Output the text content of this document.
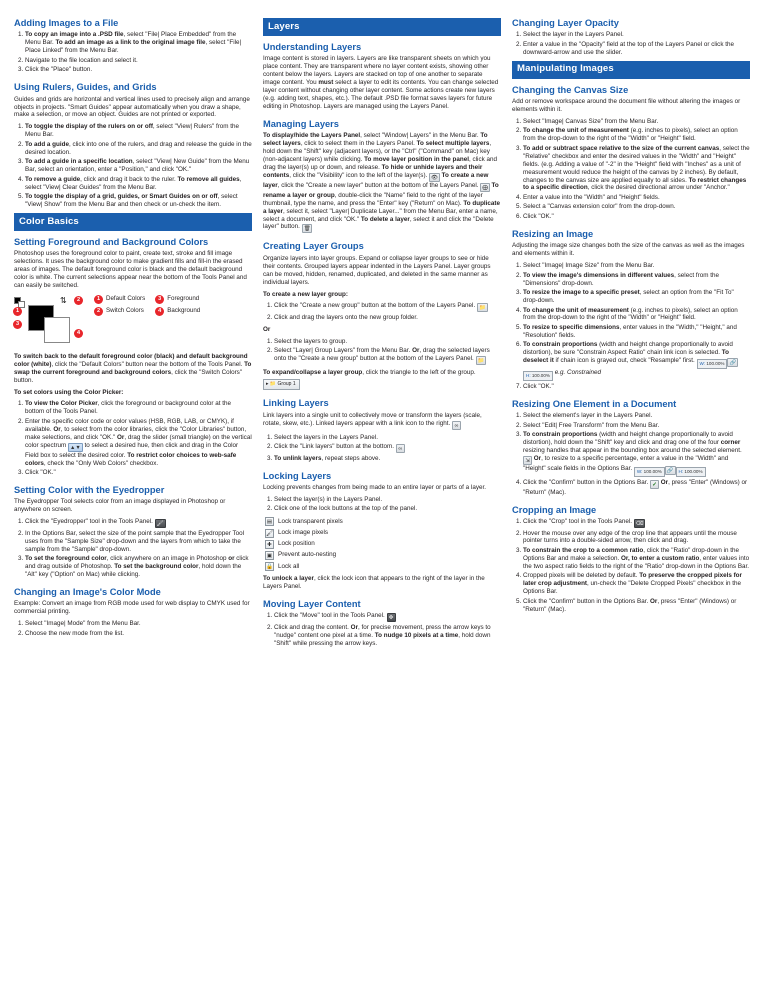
Adding Images to a File
1. To copy an image into a .PSD file, select "File| Place Embedded" from the Menu Bar. To add an image as a link to the original image file, select "File| Place Linked" from the Menu Bar.
2. Navigate to the file location and select it.
3. Click the "Place" button.
Using Rulers, Guides, and Grids

Guides and grids are horizontal and vertical lines used to precisely align and arrange objects in projects. "Smart Guides" appear automatically when you draw a shape, make a selection, or move an object. Guides are not printed or exported.

1. To toggle the display of the rulers on or off, select "View| Rulers" from the Menu Bar.
2. To add a guide, click into one of the rulers, and drag and release the guide in the desired location.
3. To add a guide in a specific location, select "View| New Guide" from the Menu Bar, select an orientation, enter a "Position," and click "OK."
4. To remove a guide, click and drag it back to the ruler. To remove all guides, select "View| Clear Guides" from the Menu Bar.
5. To toggle the display of a grid, guides, or Smart Guides on or off, select "View| Show" from the Menu Bar and then check or un-check the item.
Color Basics
Setting Foreground and Background Colors

Photoshop uses the foreground color to paint, create text, stroke and fill image selections. It uses the background color to make gradient fills and fill-in the erased areas of images. The default foreground color is black and the default background color is white. The current selections appear near the bottom of the Tools Panel and can easily be switched.

⇅
1
3
2
4
1 Default Colors
2 Switch Colors
3 Foreground
4 Background

To switch back to the default foreground color (black) and default background color (white), click the "Default Colors" button near the bottom of the Tools Panel. To swap the current foreground and background colors, click the "Switch Colors" button.

To set colors using the Color Picker:

1. To view the Color Picker, click the foreground or background color at the bottom of the Tools Panel.
2. Enter the specific color code or color values (HSB, RGB, LAB, or CMYK), if available. Or, to select from the color libraries, click the "Color Libraries" button, make selections, and click "OK." Or, drag the slider (small triangle) on the vertical color spectrum ▲▼ to select a desired hue, then click and drag in the Color Field box to select the desired color. To restrict color choices to web-safe colors, check the "Only Web Colors" checkbox.
3. Click "OK."
Setting Color with the Eyedropper

The Eyedropper Tool selects color from an image displayed in Photoshop or anywhere on screen.

1. Click the "Eyedropper" tool in the Tools Panel. 🖌
2. In the Options Bar, select the size of the point sample that the Eyedropper Tool uses from the "Sample Size" drop-down and the layers from which to take the sample from the "Sample" drop-down.
3. To set the foreground color, click anywhere on an image in Photoshop or click and drag outside of Photoshop. To set the background color, hold down the "Alt" key ("Option" on Mac) while clicking.
Changing an Image's Color Mode

Example: Convert an image from RGB mode used for web display to CMYK used for commercial printing.

1. Select "Image| Mode" from the Menu Bar.
2. Choose the new mode from the list.
Layers
Understanding Layers

Image content is stored in layers. Layers are like transparent sheets on which you place content. They are transparent where no layer content exists, showing other content below the layers. Layers are stacked on top of one another to separate image content. You must select a layer to edit its contents. You can change selected layer content without changing other layer content. Some actions create new layers (e.g. adding text, shapes, etc.). The default .PSD file format saves layers for future editing in Photoshop. Layers are managed using the Layers Panel.

Managing Layers

To display/hide the Layers Panel, select "Window| Layers" in the Menu Bar. To select layers, click to select them in the Layers Panel. To select multiple layers, hold down the "Shift" key (adjacent layers), or the "Ctrl" ("Command" on Mac) key (non-adjacent layers) while clicking. To move layer position in the panel, click and drag the layer(s) up or down, and release. To hide or unhide layers and their contents, click the "Visibility" icon to the left of the layer(s). 👁 To create a new layer, click the "Create a new layer" button at the bottom of the Layers Panel. ⨁ To rename a layer or group, double-click the "Name" field to the right of the layer thumbnail, type the name, and press the "Enter" key ("Return" on Mac). To duplicate a layer, select it, select "Layer| Duplicate Layer..." from the Menu Bar, enter a name, select a document, and click "OK." To delete a layer, select it and click the "Delete layer" button. 🗑

Creating Layer Groups

Organize layers into layer groups. Expand or collapse layer groups to see or hide their contents. Grouped layers appear indented in the Layers Panel. Layer groups can be moved, hidden, renamed, duplicated, and deleted in the same manner as individual layers.

To create a new layer group:

1. Click the "Create a new group" button at the bottom of the Layers Panel. 📁
2. Click and drag the layers onto the new group folder.

Or

1. Select the layers to group.
2. Select "Layer| Group Layers" from the Menu Bar. Or, drag the selected layers onto the "Create a new group" button at the bottom of the Layers Panel. 📁

To expand/collapse a layer group, click the triangle to the left of the group. ▸ 📁 Group 1

Linking Layers

Link layers into a single unit to collectively move or transform the layers (scale, rotate, skew, etc.). Linked layers appear with a link icon to the right. ∞

1. Select the layers in the Layers Panel.
2. Click the "Link layers" button at the bottom. ∞
3. To unlink layers, repeat steps above.
Locking Layers

Locking prevents changes from being made to an entire layer or parts of a layer.

1. Select the layer(s) in the Layers Panel.
2. Click one of the lock buttons at the top of the panel.
▤ Lock transparent pixels
🖌 Lock image pixels
✚ Lock position
▣ Prevent auto-nesting
🔒 Lock all

To unlock a layer, click the lock icon that appears to the right of the layer in the Layers Panel.

Moving Layer Content
1. Click the "Move" tool in the Tools Panel. ✥
2. Click and drag the content. Or, for precise movement, press the arrow keys to "nudge" content one pixel at a time. To nudge 10 pixels at a time, hold down "Shift" while pressing the arrow keys.
Changing Layer Opacity
1. Select the layer in the Layers Panel.
2. Enter a value in the "Opacity" field at the top of the Layers Panel or click the downward-arrow and use the slider.
Manipulating Images
Changing the Canvas Size

Add or remove workspace around the document file without altering the images or elements within it.

1. Select "Image| Canvas Size" from the Menu Bar.
2. To change the unit of measurement (e.g. inches to pixels), select an option from the drop-down to the right of the "Width" or "Height" field.
3. To add or subtract space relative to the size of the current canvas, select the "Relative" checkbox and enter the desired values in the "Width" and "Height" fields. (e.g. Adding a value of "-2" in the "Height" field with "Inches" as a unit of measurement would reduce the height of the canvas by 2 inches). By default, changes to the canvas size are applied equally to all sides. To restrict changes to a specific direction, click the desired directional arrow under "Anchor."
4. Enter a value into the "Width" and "Height" fields.
5. Select a "Canvas extension color" from the drop-down.
6. Click "OK."
Resizing an Image

Adjusting the image size changes both the size of the canvas as well as the images and elements within it.

1. Select "Image| Image Size" from the Menu Bar.
2. To view the image's dimensions in different values, select from the "Dimensions" drop-down.
3. To resize the image to a specific preset, select an option from the "Fit To" drop-down.
4. To change the unit of measurement (e.g. inches to pixels), select an option from the drop-down to the right of the "Width" or "Height" field.
5. To resize to specific dimensions, enter values in the "Width," "Height," and "Resolution" fields.
6. To constrain proportions (width and height change proportionally to avoid distortion), be sure "Constrain Aspect Ratio" chain link icon is selected. To deselect it if chain icon is grayed out, check "Resample" first. W: 100.00% 🔗H: 100.00% e.g. Constrained
7. Click "OK."
Resizing One Element in a Document
1. Select the element's layer in the Layers Panel.
2. Select "Edit| Free Transform" from the Menu Bar.
3. To constrain proportions (width and height change proportionally to avoid distortion), hold down the "Shift" key and click and drag one of the four corner resizing handles that appear in the bounding box around the selected element. ⇲ Or, to resize to a specific percentage, enter a value in the "Width" and "Height" scale fields in the Options Bar. W: 100.00% 🔗 H: 100.00%
4. Click the "Confirm" button in the Options Bar. ✓ Or, press "Enter" (Windows) or "Return" (Mac).
Cropping an Image
1. Click the "Crop" tool in the Tools Panel. ⌫
2. Hover the mouse over any edge of the crop line that appears until the mouse pointer turns into a double-sided arrow, then click and drag.
3. To constrain the crop to a common ratio, click the "Ratio" drop-down in the Options Bar and make a selection. Or, to enter a custom ratio, enter values into the two aspect ratio fields to the right of the "Ratio" drop-down in the Options Bar.
4. Cropped pixels will be deleted by default. To preserve the cropped pixels for later crop adjustment, un-check the "Delete Cropped Pixels" checkbox in the Options Bar.
5. Click the "Confirm" button in the Options Bar. Or, press "Enter" (Windows) or "Return" (Mac).
